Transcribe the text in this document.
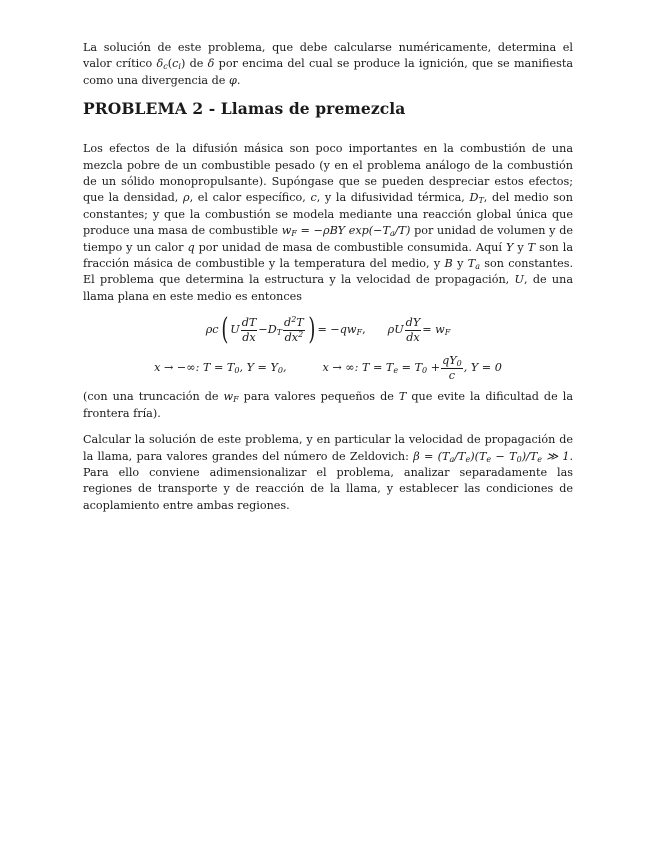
La solución de este problema, que debe calcularse numéricamente, determina el valor crítico $\delta_c(c_i)$ de δ por encima del cual se produce la ignición, que se manifiesta como una divergencia de φ.

PROBLEMA 2 - Llamas de premezcla

Los efectos de la difusión másica son poco importantes en la combustión de una mezcla pobre de un combustible pesado (y en el problema análogo de la combustión de un sólido monopropulsante). Supóngase que se pueden despreciar estos efectos; que la densidad, ρ, el calor específico, c, y la difusividad térmica, $D_T$, del medio son constantes; y que la combustión se modela mediante una reacción global única que produce una masa de combustible $w_F = -\rho BY$ $\exp(-T_a/T)$ por unidad de volumen y de tiempo y un calor q por unidad de masa de combustible consumida. Aquí Y y T son la fracción másica de combustible y la temperatura del medio, y B y $T_a$ son constantes. El problema que determina la estructura y la velocidad de propagación, U, de una llama plana en este medio es entonces

ρc ( U $\frac{dT}{dx} - D_T \frac{d^2T}{dx^2}$ ) = $-qw_F$ , ρU $\frac{dY}{dx} = w_F$
x → −∞: $T = T_0$, $Y = Y_0$,	x → ∞: $T = T_e = T_0 + \frac{qY_0}{c}$ , Y = 0

(con una truncación de $w_F$ para valores pequeños de T que evite la dificultad de la frontera fría).

Calcular la solución de este problema, y en particular la velocidad de propagación de la llama, para valores grandes del número de Zeldovich: $\beta = (T_a/T_e)(T_e - T_0)/T_e$ ≫ 1. Para ello conviene adimensionalizar el problema, analizar separadamente las regiones de transporte y de reacción de la llama, y establecer las condiciones de acoplamiento entre ambas regiones.
